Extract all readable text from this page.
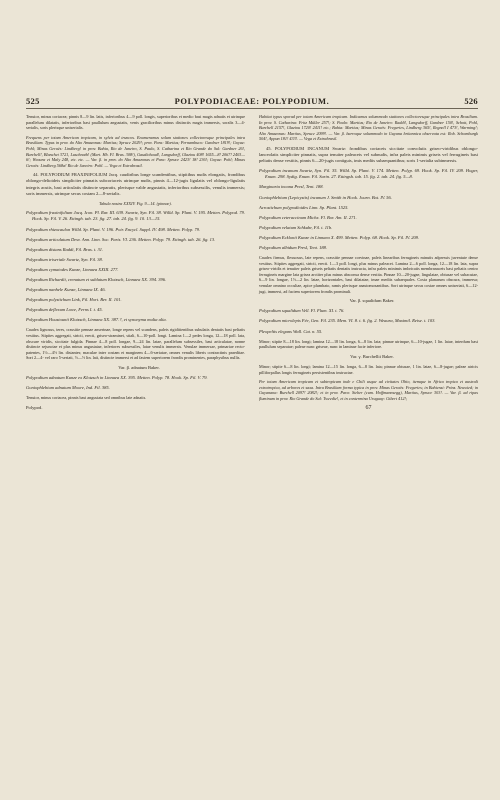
525	POLYPODIACEAE: POLYPODIUM.	526

Tenuior, minus coriacea; pinnis 8—9 lin. latis, inferioribus 4—9 poll. longis, superioribus et medio basi magis adnatis et utrinque parallelum dilatatis, inferioribus basi paullulum angustatis, venis gracilioribus minus distinctis magis immersis, soralis 3—4-serialis, soris plerisque uniserialis.

Frequens per totam American tropicam, in sylvis ad truncos. Enumeramus solum stationes collectoresque principales intra Brasiliam. Typus in prov. do Alto Amazonas: Martius; Spruce 2029!; prov. Para: Martius; Pernambuco: Gardner 1819!; Goyaz: Pohl; Minas Geraës: Lindberg! in prov. Bahia, Rio de Janeiro, S. Paulo, S. Catharina et Rio Grande do Sul: Gardner 26!, Burchell!, Blanchet 3721, Luschnath! (Mart. Hb. Fl. Bras. 308!), Gaudichaud!, Langsdorff, Glaziou 408! 1655—8! 2067! 2403—6!; Weaura et Maly 248, etc. etc. — Var. β. in prov. do Alto Amazonas et Para: Spruce 2423! 18! 236!; Goyaz: Pohl; Minas Geraës: Lindberg 568a! Rio de Janeiro: Pohl. — Vega et Extrabrasil.

44. POLYPODIUM FRAXINIFOLIUM Jacq. caudiribus longe scandentibus, stipitibus nudis elongatis, frondibus oblongo-deltoideis simpliciter pinnatis subcoriaceis utrinque nudis, pinnis 4—12-jugis ligulatis vel oblongo-ligulatis integris acutis, basi articulatis distincte separatis, plerisque valde angustatis, inferioribus subsessilis, venulis immersis; soris immersis, utrinque secus costam 2—8-serialis.

Tabula nostra XXXIV. Fig. 9—14. (pinnae).

Polypodium fraxinifolium Jacq. Icon. Pl. Rar. III. 639. Swartz, Syn. Fil. 38. Willd. Sp. Plant. V. 195. Metten. Polypod. 79. Hook. Sp. Fil. V. 26. Ettingh. tab. 23. fig. 27. tab. 24. fig. 9. 10. 13—15.

Polypodium rhizocaulon Willd. Sp. Plant. V. 196. Poir. Encycl. Suppl. IV. 498. Metten. Polyp. 79.

Polypodium articulatum Desv. Ann. Linn. Soc. Paris. VI. 236. Metten. Polyp. 79. Ettingh. tab. 26. fig. 13.

Polypodium distans Raddi, Fil. Bras. t. 31.

Polypodium triseriale Swartz, Syn. Fil. 38.

Polypodium cymatodes Kunze, Linnaea XXIII. 277.

Polypodium Richardii, crenatum et sublatum Klotzsch, Linnaea XX. 394. 396.

Polypodium nanhele Kunze, Linnaea IX. 46.

Polypodium polystichum Link, Fil. Hort. Ber. II. 101.

Polypodium deflexum Lowe, Ferns I. t. 45.

Polypodium Houstounii Klotzsch, Linnaea XX. 387.?, et synonyma multa alia.

Caudex lignosus, teres, crassitie pennae anserinae, longe repens vel scandens, paleis rigiditientibus subulatis dentatis basi peltatis vestitus. Stipites aggregati, stricti, erecti, griseo-straminei, stiali, 6—10-poll. longi. Lamina 1—2 pedes longa, 12—18 poll. lata, obscure viridis, siccitate fulgida. Pinnae 4—8 poll. longae, 9—24 lin. latae, parallelum subsessiles, basi articulatae, nonne distincte sejunctae et plus minus angustatae, inferiores subsessiles, latae venulis immersis. Venulae immersae, primariae recto-patentes, 1½—4½ lin. distantes; maculae inter costam et marginem 4—6-seriatae, omnes venulis liberis contractinis praeditae. Sori 2—4- vel raro 5-seriati, ½—½ lin. lati, distincte immersi et ad fastem superiorem frondis prominentes, paraphysibus nullis.

Var. β. adnatum Baker.

Polypodium adnatum Kunze ex Klotzsch in Linnaea XX. 395. Metten. Polyp. 78. Hook. Sp. Fil. V. 79.

Goniophlebium adnatum Moore, Ind. Fil. 385.

Tenuior, minus coriacea, pinnis basi angustata sed omnibus late adnatis.

Polypod.

Habitat typus sporad per totam Americam tropicam. Indicamus solummodo stationes collectoresque principales intra Brasiliam. In prov. S. Catharina: Fritz Müller 257!; S. Paulo: Martius; Rio de Janeiro: Raddi!, Langsdorff, Gardner 150!, Schott, Pohl, Burchell 2157!, Glaziou 1720! 2411! etc.; Bahia: Martius; Minas Geraës: Fregeries, Lindberg 365!, Regnell I 473!, Warming!; Alto Amazonas: Martius, Spruce 2099!. — Var. β. barroque solummodo in Guyana britannica observata est: Rob. Schomburgk 504!, Appun 181! 433!. — Vega et Extrabrasil.

45. POLYPODIUM INCANUM Swartz: frondibus coriaceis siccitate convolutis griseo-viridibus oblongo-lanceolatis simpliciter pinnatis, supra tenuiter paleaceis vel subnudis, infra paleis minimis griseis vel ferrugineis basi peltatis dense vestitis, pinnis 6—20-jugis contiguis, imis mediis subaequantibus; soris 1-serialia subinmersis.

Polypodium incanum Swartz, Syn. Fil. 35. Willd. Sp. Plant. V. 174. Metten. Polyp. 69. Hook. Sp. Fil. IV. 209. Hoger, Enum. 298. Sydtg. Enum. Fil. Surin. 27. Ettingsh. tab. 15. fig. 2. tab. 24. fig. 5—8.

Marginaria incana Presl, Tent. 188.

Goniophlebium (Lepicystis) incanum J. Smith in Hook. Journ. Bot. IV. 56.

Acrostichum polypodioides Linn. Sp. Plant. 1525.

Polypodium ceteraccinum Michx. Fl. Bor. Am. II. 271.

Polypodium velatum Schkuhr, Fil. t. 11b.

Polypodium Ecklonii Kunze in Linnaea X. 499. Metten. Polyp. 68. Hook. Sp. Fil. IV. 209.

Polypodium albidum Presl, Tent. 188.

Caudex firmus, flexuosus, late repens, crassitie pennae corvinae, paleis linearibus ferrugineis minutis adpressis juventute dense vestitus. Stipites aggregati, stricti, erecti. 1—3 poll. longi, plus minus paleacei. Lamina 2—6 poll. longa, 12—18 lin. lata, supra griseo-viridis et tenuiter paleis griseis peltatis dentatis instructa, infra paleis minimis imbricatis membranaceis basi peltatis centro ferrugineis margine lata grisea arctiter plus minus absconsa dense vestita. Pinnae 10—20-jugae, lingulatae, obtusae vel subacutae, 6—9 lin. longae, 1½—2 lin. latae, horizontales, basi dilatatae, imae mediis subaequales. Costa planarum obscura, immersa; venulae omnino occultae, apice plumbato, ramis plerisque anastomosantibus. Sori utrinque secus costae omnes uniseriati, 6—12-jugi, immersi, ad faciem superiorem frondis prominuli.

Var. β. squalidum Baker.

Polypodium squalidum Vell. Fl. Flum. XI. t. 76.

Polypodium microlepis Fée, Gen. Fil. 235. Mem. VI. 8. t. 6. fig. 2. Weaura, Maximil. Reise. t. 103.

Pleopeltis elegans Wall. Cat. n. 55.

Minor; stipite 8—18 lin. longi; lamina 12—18 lin. longa, 6—8 lin. lata; pinnae utrinque, 6—10-jugae, 1 lin. latae, interdum basi paullulum separatae; paleae nunc griseae, nunc in laminae facie inferiore.

Var. γ. Burchellii Baker.

Minor; stipite 6—8 lin. longi; lamina 12—15 lin. longa, 6—8 lin. lata; pinnae obtusae, 1 lin. latae, 6—8-jugae; paleae atricis pilliforpallus longis ferrugineis persistentibus instructae.

Per totam Americam tropicam et subtropicam inde e Chili usque ad civitates Ohio, itemque in Africa tropica et australi extratropica, ad arbores et saxa. Intra Brasiliam forma typica in prov. Minas Geraës: Fregeries; in Bahiensi: Prinz. Neuwied; in Guyanana: Burchell 2097! 2082!; et in prov. Para: Sieber (cum. Hoffmannsegg), Martius, Spruce 303!. — Var. β. ad ripas fluminum in prov. Rio Grande do Sul: Tweedie!, et in contermina Uruguay: Gibert 412!;

67
